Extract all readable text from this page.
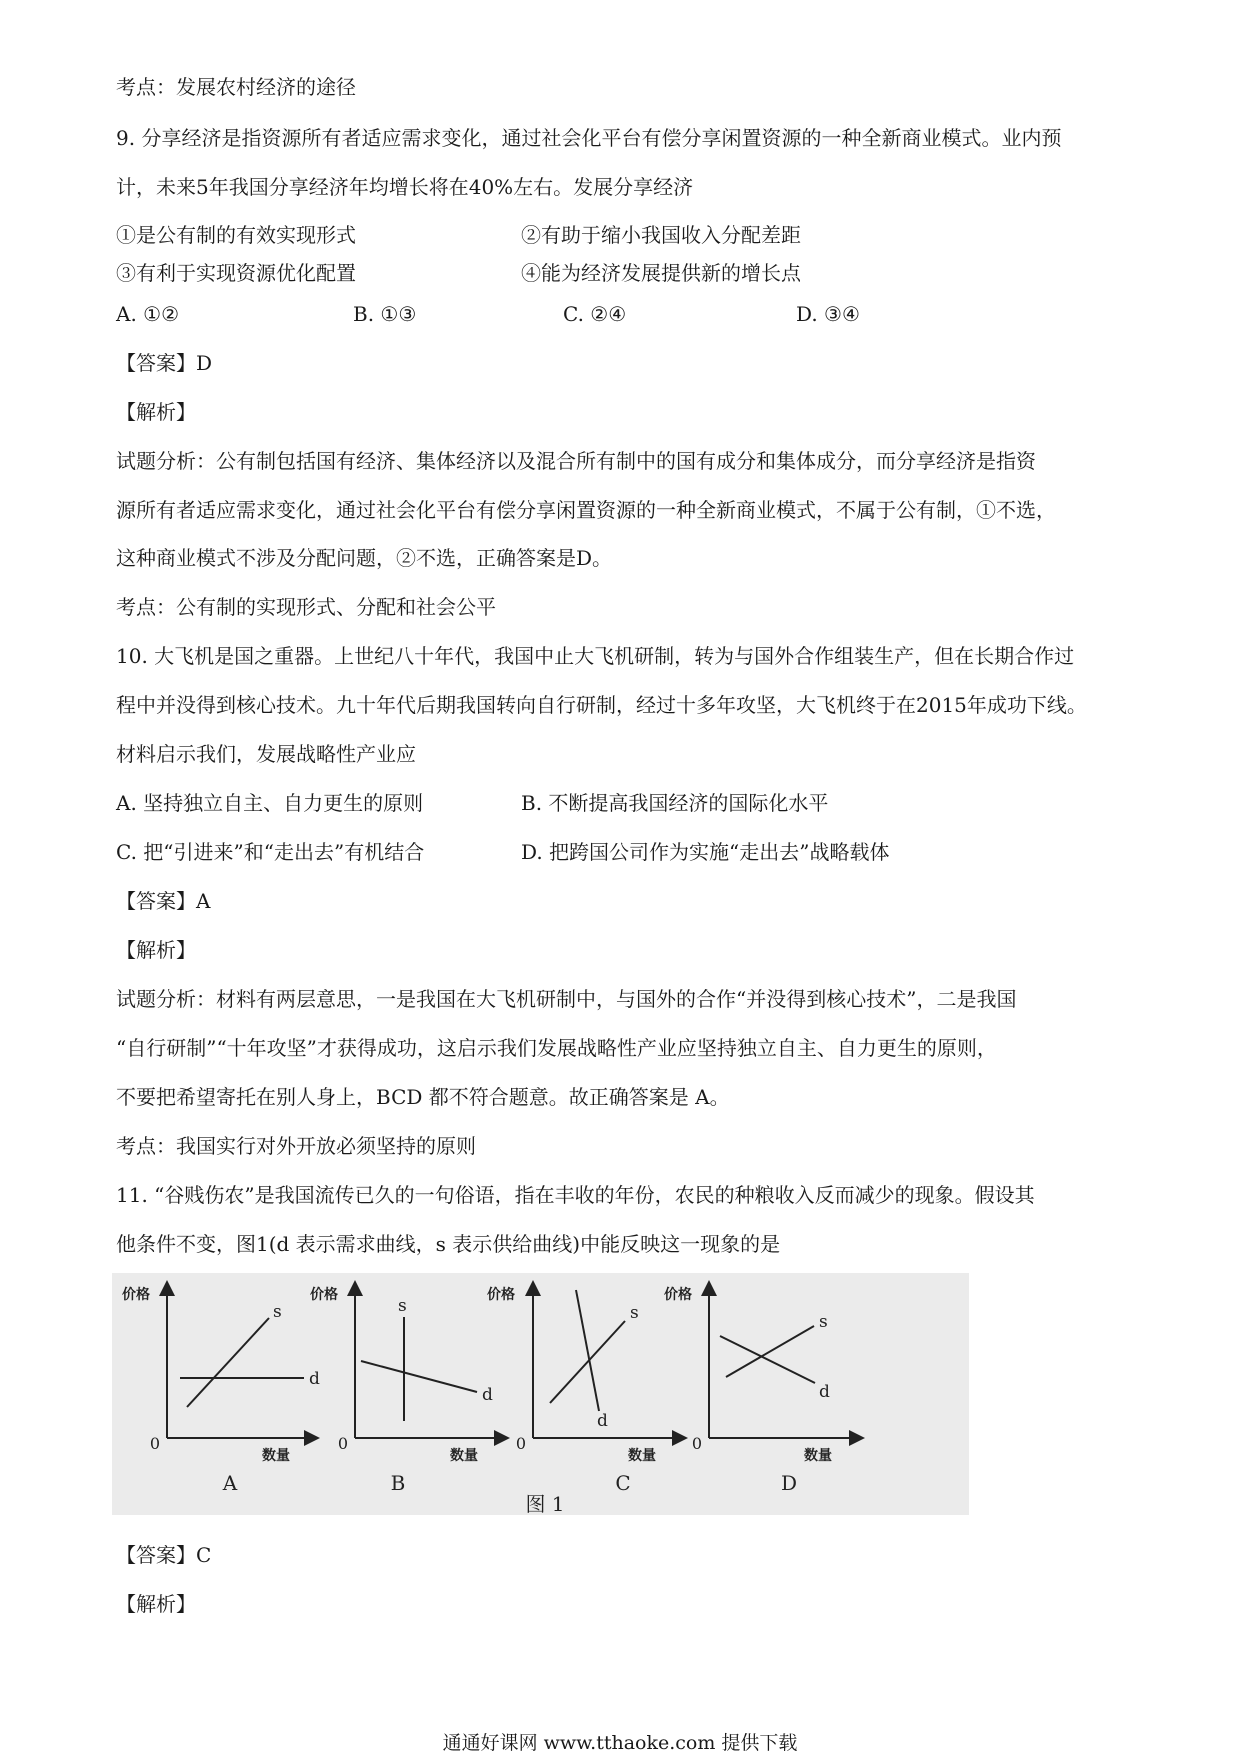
考点：发展农村经济的途径
9. 分享经济是指资源所有者适应需求变化，通过社会化平台有偿分享闲置资源的一种全新商业模式。业内预
计，未来5年我国分享经济年均增长将在40%左右。发展分享经济
①是公有制的有效实现形式	②有助于缩小我国收入分配差距
③有利于实现资源优化配置	④能为经济发展提供新的增长点
A. ①②	B. ①③	C. ②④	D. ③④
【答案】D
【解析】
试题分析：公有制包括国有经济、集体经济以及混合所有制中的国有成分和集体成分，而分享经济是指资
源所有者适应需求变化，通过社会化平台有偿分享闲置资源的一种全新商业模式，不属于公有制，①不选，
这种商业模式不涉及分配问题，②不选，正确答案是D。
考点：公有制的实现形式、分配和社会公平
10. 大飞机是国之重器。上世纪八十年代，我国中止大飞机研制，转为与国外合作组装生产，但在长期合作过
程中并没得到核心技术。九十年代后期我国转向自行研制，经过十多年攻坚，大飞机终于在2015年成功下线。
材料启示我们，发展战略性产业应
A. 坚持独立自主、自力更生的原则	B. 不断提高我国经济的国际化水平
C. 把“引进来”和“走出去”有机结合	D. 把跨国公司作为实施“走出去”战略载体
【答案】A
【解析】
试题分析：材料有两层意思，一是我国在大飞机研制中，与国外的合作“并没得到核心技术”，二是我国
“自行研制”“十年攻坚”才获得成功，这启示我们发展战略性产业应坚持独立自主、自力更生的原则，
不要把希望寄托在别人身上，BCD 都不符合题意。故正确答案是 A。
考点：我国实行对外开放必须坚持的原则
11. “谷贱伤农”是我国流传已久的一句俗语，指在丰收的年份，农民的种粮收入反而减少的现象。假设其
他条件不变，图1(d 表示需求曲线，s 表示供给曲线)中能反映这一现象的是
价格
0
数量
s
d
A
价格
0
数量
s
d
B
价格
0
数量
s
d
C
价格
0
数量
s
d
D
图 1
【答案】C
【解析】
通通好课网 www.tthaoke.com 提供下载
